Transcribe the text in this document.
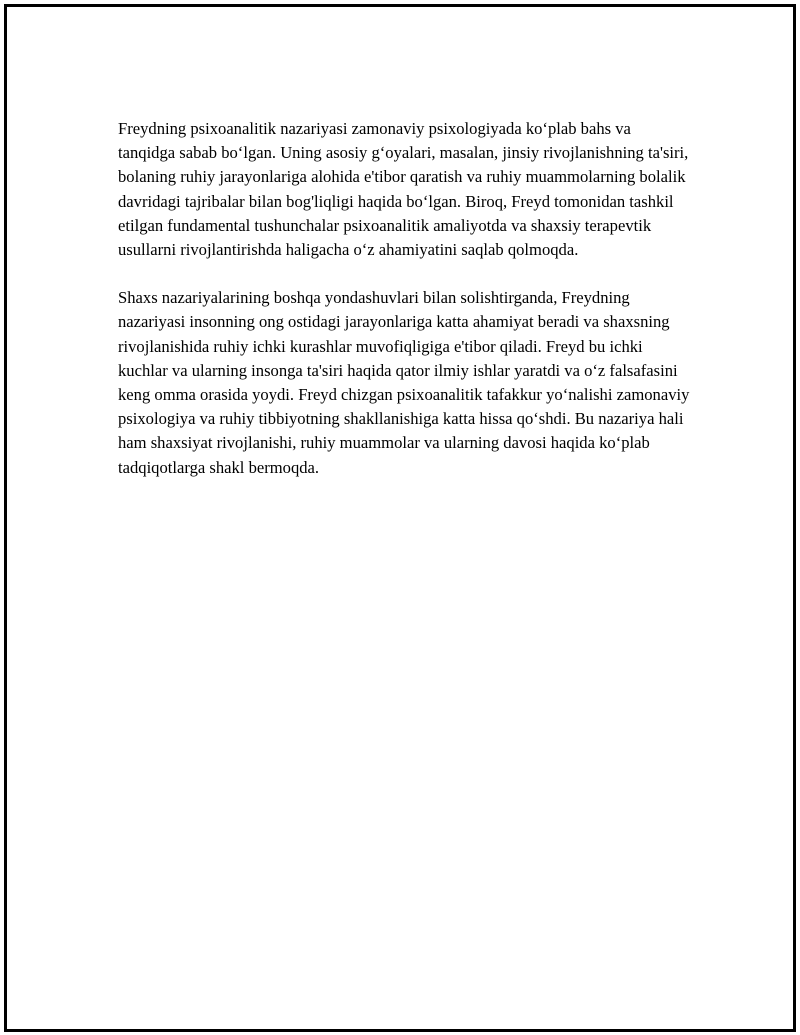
Freydning psixoanalitik nazariyasi zamonaviy psixologiyada ko‘plab bahs va tanqidga sabab bo‘lgan. Uning asosiy g‘oyalari, masalan, jinsiy rivojlanishning ta'siri, bolaning ruhiy jarayonlariga alohida e'tibor qaratish va ruhiy muammolarning bolalik davridagi tajribalar bilan bog'liqligi haqida bo‘lgan. Biroq, Freyd tomonidan tashkil etilgan fundamental tushunchalar psixoanalitik amaliyotda va shaxsiy terapevtik usullarni rivojlantirishda haligacha o‘z ahamiyatini saqlab qolmoqda.

Shaxs nazariyalarining boshqa yondashuvlari bilan solishtirganda, Freydning nazariyasi insonning ong ostidagi jarayonlariga katta ahamiyat beradi va shaxsning rivojlanishida ruhiy ichki kurashlar muvofiqligiga e'tibor qiladi. Freyd bu ichki kuchlar va ularning insonga ta'siri haqida qator ilmiy ishlar yaratdi va o‘z falsafasini keng omma orasida yoydi. Freyd chizgan psixoanalitik tafakkur yo‘nalishi zamonaviy psixologiya va ruhiy tibbiyotning shakllanishiga katta hissa qo‘shdi. Bu nazariya hali ham shaxsiyat rivojlanishi, ruhiy muammolar va ularning davosi haqida ko‘plab tadqiqotlarga shakl bermoqda.
